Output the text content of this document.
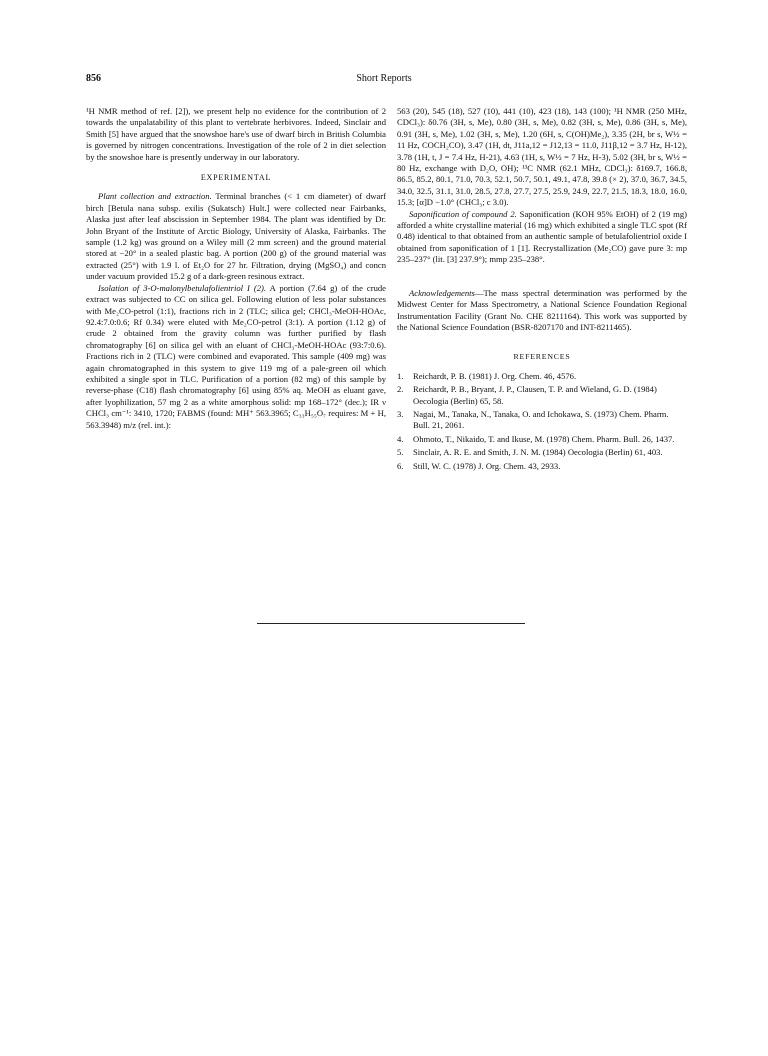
856	Short Reports

¹H NMR method of ref. [2]), we present help no evidence for the contribution of 2 towards the unpalatability of this plant to vertebrate herbivores. Indeed, Sinclair and Smith [5] have argued that the snowshoe hare's use of dwarf birch in British Columbia is governed by nitrogen concentrations. Investigation of the role of 2 in diet selection by the snowshoe hare is presently underway in our laboratory.

EXPERIMENTAL

Plant collection and extraction. Terminal branches (< 1 cm diameter) of dwarf birch [Betula nana subsp. exilis (Sukatsch) Hult.] were collected near Fairbanks, Alaska just after leaf abscission in September 1984. The plant was identified by Dr. John Bryant of the Institute of Arctic Biology, University of Alaska, Fairbanks. The sample (1.2 kg) was ground on a Wiley mill (2 mm screen) and the ground material stored at −20° in a sealed plastic bag. A portion (200 g) of the ground material was extracted (25°) with 1.9 l. of Et₂O for 27 hr. Filtration, drying (MgSO₄) and concn under vacuum provided 15.2 g of a dark-green resinous extract.

Isolation of 3-O-malonylbetulafolientriol I (2). A portion (7.64 g) of the crude extract was subjected to CC on silica gel. Following elution of less polar substances with Me₂CO-petrol (1:1), fractions rich in 2 (TLC; silica gel; CHCl₃-MeOH-HOAc, 92.4:7.0:0.6; Rf 0.34) were eluted with Me₂CO-petrol (3:1). A portion (1.12 g) of crude 2 obtained from the gravity column was further purified by flash chromatography [6] on silica gel with an eluant of CHCl₃-MeOH-HOAc (93:7:0.6). Fractions rich in 2 (TLC) were combined and evaporated. This sample (409 mg) was again chromatographed in this system to give 119 mg of a pale-green oil which exhibited a single spot in TLC. Purification of a portion (82 mg) of this sample by reverse-phase (C18) flash chromatography [6] using 85% aq. MeOH as eluant gave, after lyophilization, 57 mg 2 as a white amorphous solid: mp 168–172° (dec.); IR ν CHCl₃ cm⁻¹: 3410, 1720; FABMS (found: MH⁺ 563.3965; C₃₃H₅₅O₇ requires: M + H, 563.3948) m/z (rel. int.):

563 (20), 545 (18), 527 (10), 441 (10), 423 (18), 143 (100); ¹H NMR (250 MHz, CDCl₃): δ0.76 (3H, s, Me), 0.80 (3H, s, Me), 0.82 (3H, s, Me), 0.86 (3H, s, Me), 0.91 (3H, s, Me), 1.02 (3H, s, Me), 1.20 (6H, s, C(OH)Me₂), 3.35 (2H, br s, W½ = 11 Hz, COCH₂CO), 3.47 (1H, dt, J11a,12 = J12,13 = 11.0, J11β,12 = 3.7 Hz, H-12), 3.78 (1H, t, J = 7.4 Hz, H-21), 4.63 (1H, s, W½ = 7 Hz, H-3), 5.02 (3H, br s, W½ = 80 Hz, exchange with D₂O, OH); ¹³C NMR (62.1 MHz, CDCl₃): δ169.7, 166.8, 86.5, 85.2, 80.1, 71.0, 70.3, 52.1, 50.7, 50.1, 49.1, 47.8, 39.8 (× 2), 37.0, 36.7, 34.5, 34.0, 32.5, 31.1, 31.0, 28.5, 27.8, 27.7, 27.5, 25.9, 24.9, 22.7, 21.5, 18.3, 18.0, 16.0, 15.3; [α]D −1.0° (CHCl₃; c 3.0).

Saponification of compound 2. Saponification (KOH 95% EtOH) of 2 (19 mg) afforded a white crystalline material (16 mg) which exhibited a single TLC spot (Rf 0.48) identical to that obtained from an authentic sample of betulafolientriol oxide I obtained from saponification of 1 [1]. Recrystallization (Me₂CO) gave pure 3: mp 235–237° (lit. [3] 237.9°); mmp 235–238°.

Acknowledgements—The mass spectral determination was performed by the Midwest Center for Mass Spectrometry, a National Science Foundation Regional Instrumentation Facility (Grant No. CHE 8211164). This work was supported by the National Science Foundation (BSR-8207170 and INT-8211465).

REFERENCES
1. Reichardt, P. B. (1981) J. Org. Chem. 46, 4576.
2. Reichardt, P. B., Bryant, J. P., Clausen, T. P. and Wieland, G. D. (1984) Oecologia (Berlin) 65, 58.
3. Nagai, M., Tanaka, N., Tanaka, O. and Ichokawa, S. (1973) Chem. Pharm. Bull. 21, 2061.
4. Ohmoto, T., Nikaido, T. and Ikuse, M. (1978) Chem. Pharm. Bull. 26, 1437.
5. Sinclair, A. R. E. and Smith, J. N. M. (1984) Oecologia (Berlin) 61, 403.
6. Still, W. C. (1978) J. Org. Chem. 43, 2933.
